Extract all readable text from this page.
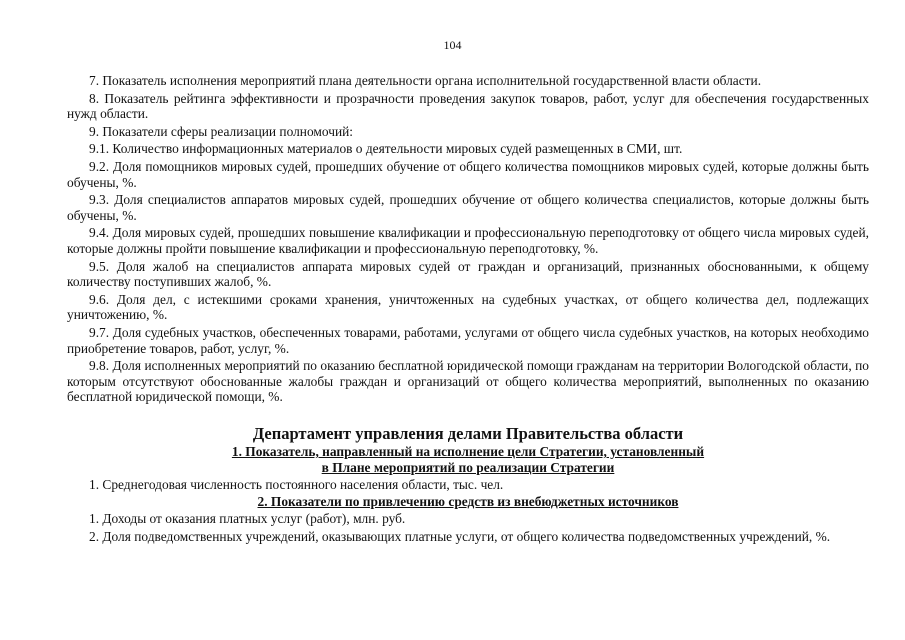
104

7. Показатель исполнения мероприятий плана деятельности органа исполнительной государственной власти области.

8. Показатель рейтинга эффективности и прозрачности проведения закупок товаров, работ, услуг для обеспечения государственных нужд области.

9. Показатели сферы реализации полномочий:

9.1. Количество информационных материалов о деятельности мировых судей размещенных в СМИ, шт.

9.2. Доля помощников мировых судей, прошедших обучение от общего количества помощников мировых судей, которые должны быть обучены, %.

9.3. Доля специалистов аппаратов мировых судей, прошедших обучение от общего количества специалистов, которые должны быть обучены, %.

9.4. Доля мировых судей, прошедших повышение квалификации и профессиональную переподготовку от общего числа мировых судей, которые должны пройти повышение квалификации и профессиональную переподготовку, %.

9.5. Доля жалоб на специалистов аппарата мировых судей от граждан и организаций, признанных обоснованными, к общему количеству поступивших жалоб, %.

9.6. Доля дел, с истекшими сроками хранения, уничтоженных на судебных участках, от общего количества дел, подлежащих уничтожению, %.

9.7. Доля судебных участков, обеспеченных товарами, работами, услугами от общего числа судебных участков, на которых необходимо приобретение товаров, работ, услуг, %.

9.8. Доля исполненных мероприятий по оказанию бесплатной юридической помощи гражданам на территории Вологодской области, по которым отсутствуют обоснованные жалобы граждан и организаций от общего количества мероприятий, выполненных по оказанию бесплатной юридической помощи, %.

Департамент управления делами Правительства области
1. Показатель, направленный на исполнение цели Стратегии, установленный
в Плане мероприятий по реализации Стратегии

1. Среднегодовая численность постоянного населения области, тыс. чел.

2. Показатели по привлечению средств из внебюджетных источников

1. Доходы от оказания платных услуг (работ), млн. руб.

2. Доля подведомственных учреждений, оказывающих платные услуги, от общего количества подведомственных учреждений, %.
